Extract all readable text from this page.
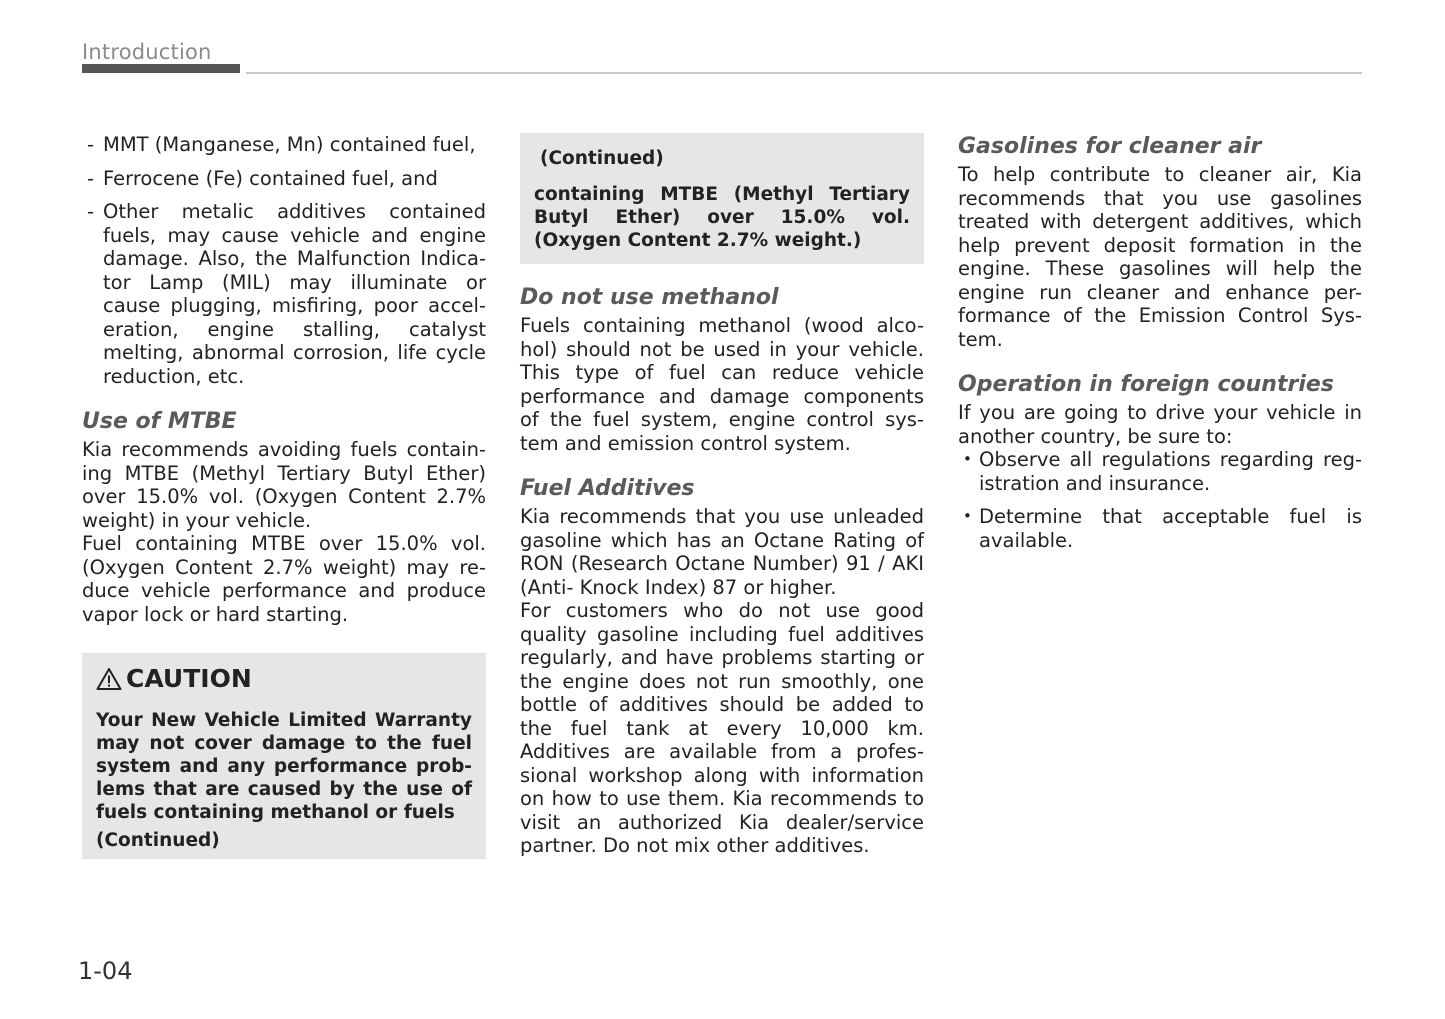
Introduction
- MMT (Manganese, Mn) contained fuel,
- Ferrocene (Fe) contained fuel, and
- Other metalic additives contained fuels, may cause vehicle and engine damage. Also, the Malfunction Indica-tor Lamp (MIL) may illuminate or cause plugging, misfiring, poor accel-eration, engine stalling, catalyst melting, abnormal corrosion, life cycle reduction, etc.
Use of MTBE

Kia recommends avoiding fuels contain-ing MTBE (Methyl Tertiary Butyl Ether) over 15.0% vol. (Oxygen Content 2.7% weight) in your vehicle.

Fuel containing MTBE over 15.0% vol. (Oxygen Content 2.7% weight) may re-duce vehicle performance and produce vapor lock or hard starting.

CAUTION
Your New Vehicle Limited Warranty may not cover damage to the fuel system and any performance prob-lems that are caused by the use of fuels containing methanol or fuels
(Continued)
(Continued)
containing MTBE (Methyl Tertiary Butyl Ether) over 15.0% vol. (Oxygen Content 2.7% weight.)
Do not use methanol

Fuels containing methanol (wood alco-hol) should not be used in your vehicle. This type of fuel can reduce vehicle performance and damage components of the fuel system, engine control sys-tem and emission control system.

Fuel Additives

Kia recommends that you use unleaded gasoline which has an Octane Rating of RON (Research Octane Number) 91 / AKI (Anti- Knock Index) 87 or higher.

For customers who do not use good quality gasoline including fuel additives regularly, and have problems starting or the engine does not run smoothly, one bottle of additives should be added to the fuel tank at every 10,000 km. Additives are available from a profes-sional workshop along with information on how to use them. Kia recommends to visit an authorized Kia dealer/service partner. Do not mix other additives.

Gasolines for cleaner air

To help contribute to cleaner air, Kia recommends that you use gasolines treated with detergent additives, which help prevent deposit formation in the engine. These gasolines will help the engine run cleaner and enhance per-formance of the Emission Control Sys-tem.

Operation in foreign countries

If you are going to drive your vehicle in another country, be sure to:

• Observe all regulations regarding reg-istration and insurance.
• Determine that acceptable fuel is available.
1-04
